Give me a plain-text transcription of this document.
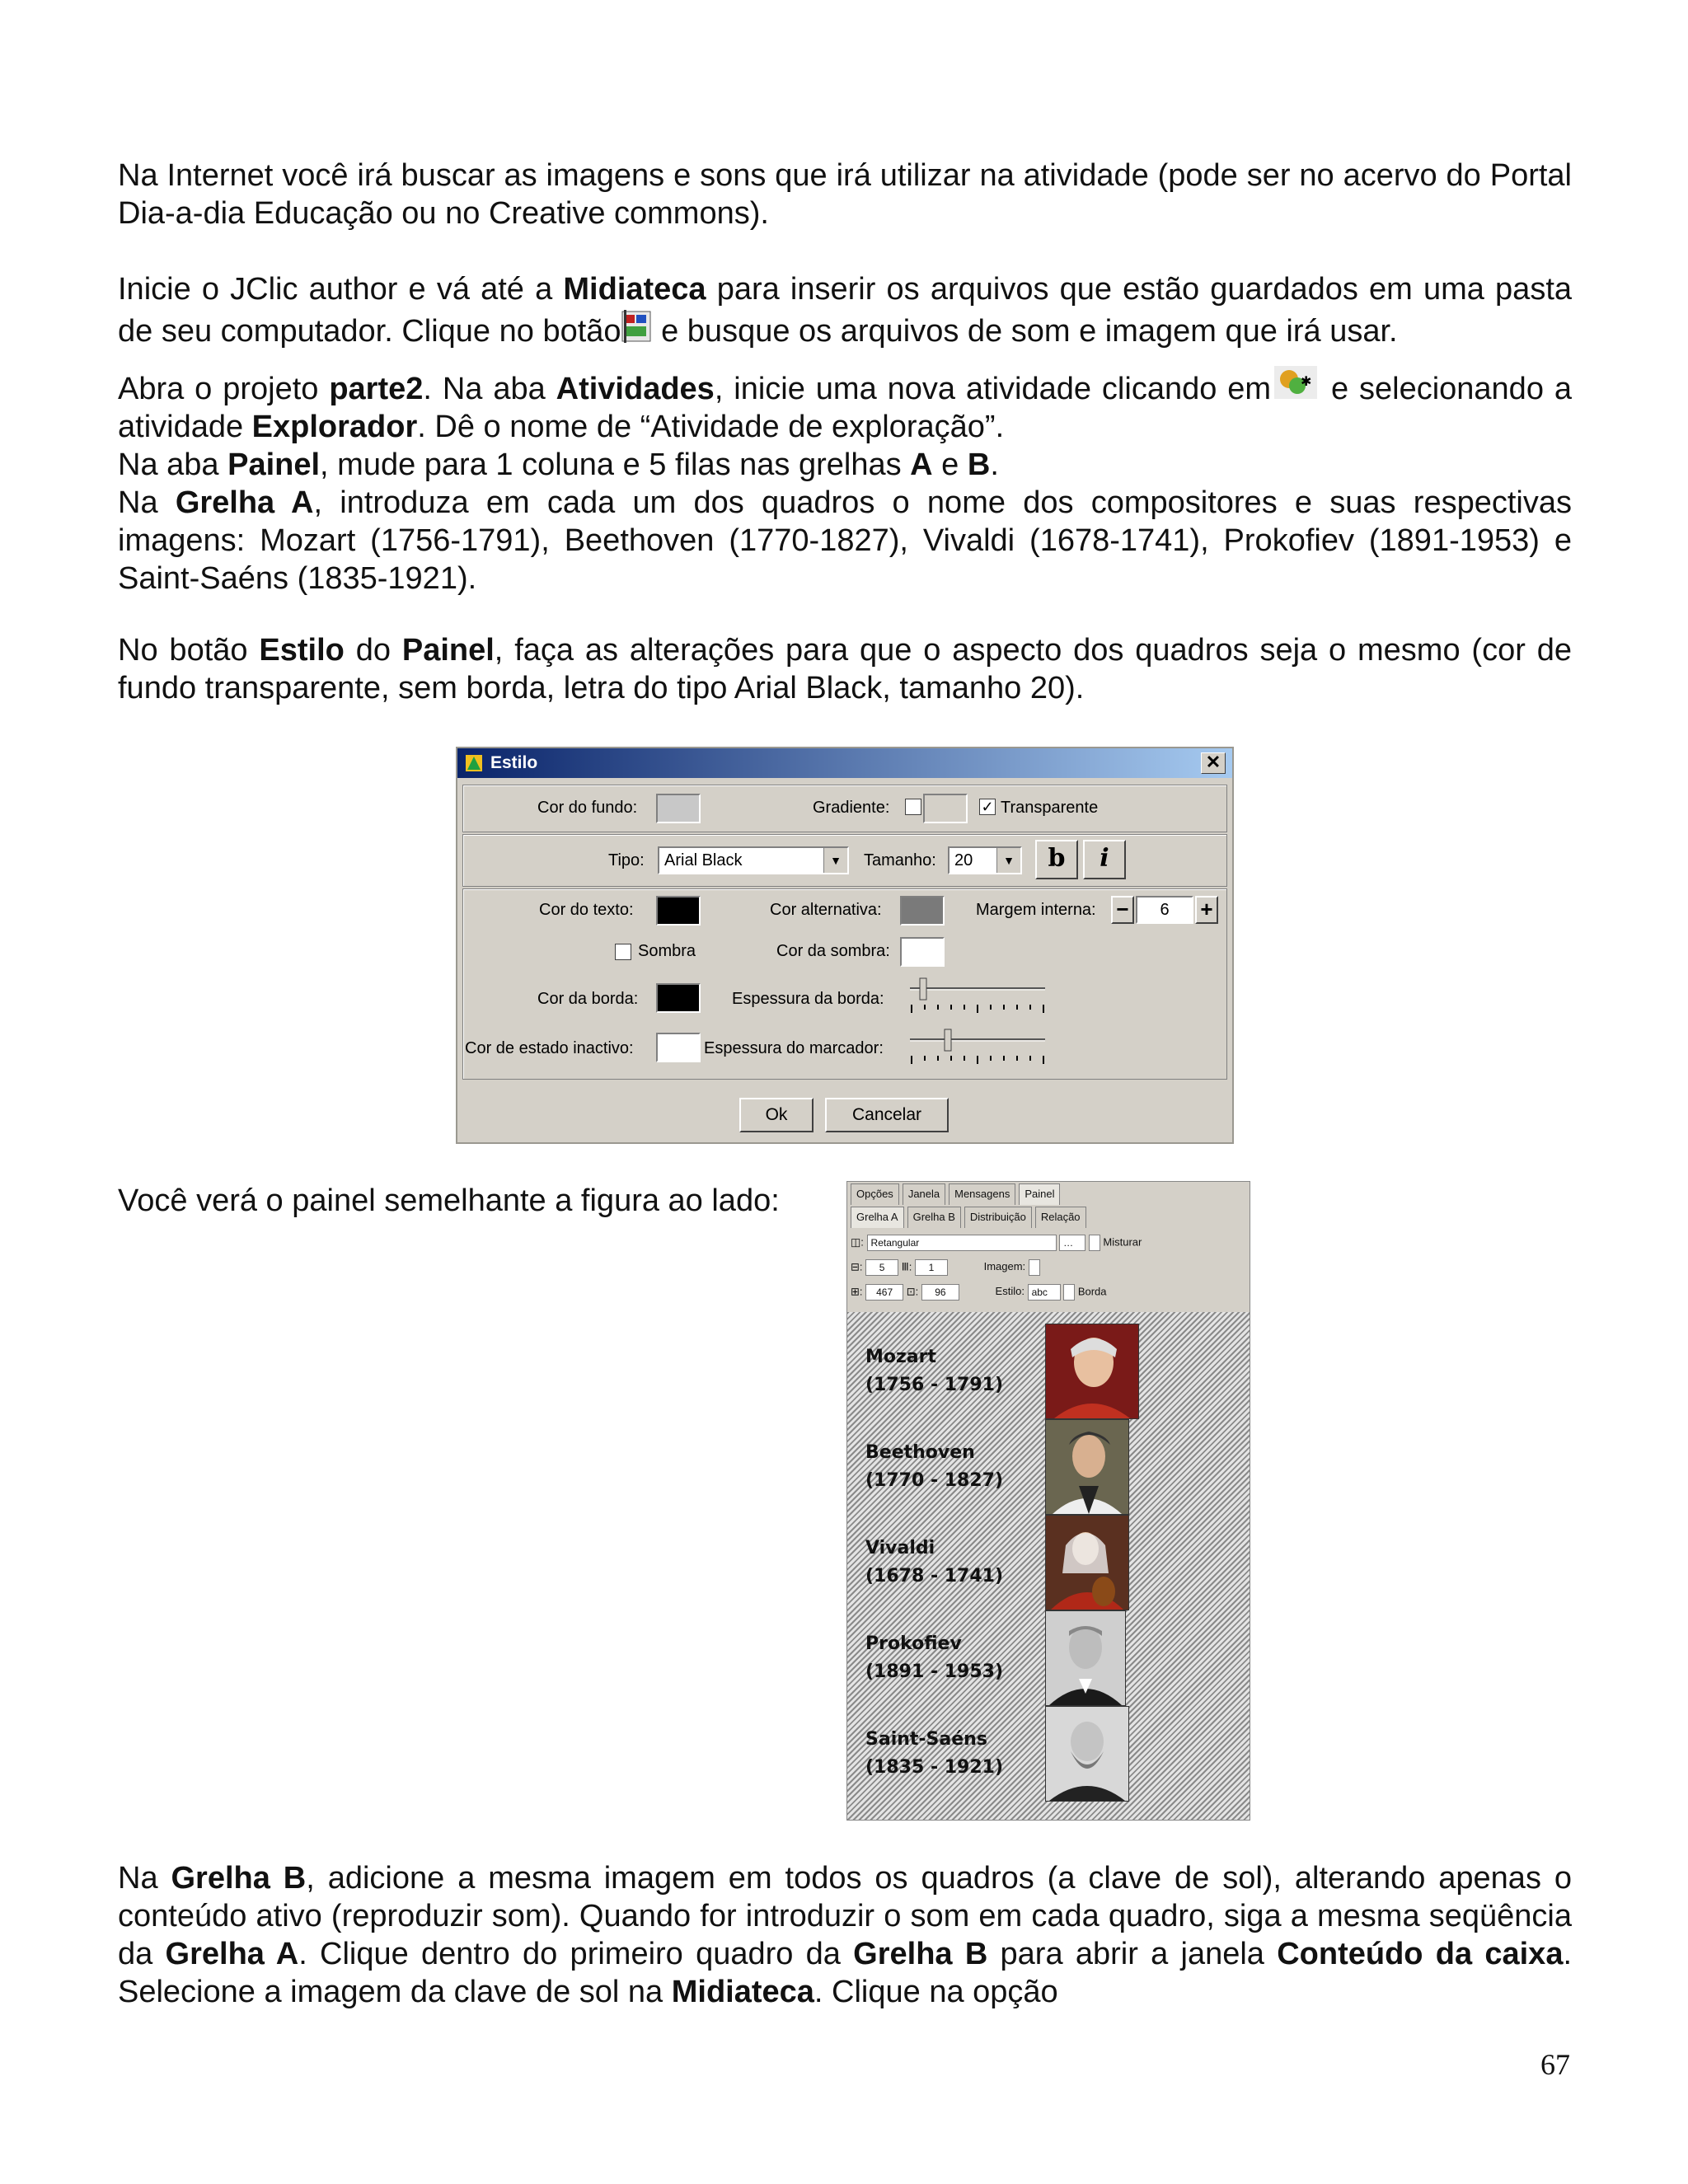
Na Internet você irá buscar as imagens e sons que irá utilizar na atividade (pode ser no acervo do Portal Dia-a-dia Educação ou no Creative commons).

Inicie o JClic author e vá até a Midiateca para inserir os arquivos que estão guardados em uma pasta de seu computador. Clique no botão e busque os arquivos de som e imagem que irá usar.

Abra o projeto parte2. Na aba Atividades, inicie uma nova atividade clicando em ✱ e selecionando a atividade Explorador. Dê o nome de “Atividade de exploração”.
Na aba Painel, mude para 1 coluna e 5 filas nas grelhas A e B.
Na Grelha A, introduza em cada um dos quadros o nome dos compositores e suas respectivas imagens: Mozart (1756-1791), Beethoven (1770-1827), Vivaldi (1678-1741), Prokofiev (1891-1953) e Saint-Saéns (1835-1921).

No botão Estilo do Painel, faça as alterações para que o aspecto dos quadros seja o mesmo (cor de fundo transparente, sem borda, letra do tipo Arial Black, tamanho 20).

Estilo	✕
Cor do fundo:	Gradiente:	✓ Transparente
Tipo:	Arial Black	▼	Tamanho:	20	▼	b	i
Cor do texto:	Cor alternativa:	Margem interna: −	6	+
Sombra	Cor da sombra:
Cor da borda:	Espessura da borda:
Cor de estado inactivo:	Espessura do marcador:
Ok	Cancelar

Você verá o painel semelhante a figura ao lado:	Opções	Janela	Mensagens	Painel
Grelha A	Grelha B	Distribuição	Relação
◫: Retangular	…	Misturar
⊟: 5 Ⅲ: 1	Imagem:
⊞: 467 ⊡: 96	Estilo: abc	Borda
Mozart
(1756 - 1791)
Beethoven
(1770 - 1827)
Vivaldi
(1678 - 1741)
Prokofiev
(1891 - 1953)
Saint-Saéns
(1835 - 1921)

Na Grelha B, adicione a mesma imagem em todos os quadros (a clave de sol), alterando apenas o conteúdo ativo (reproduzir som). Quando for introduzir o som em cada quadro, siga a mesma seqüência da Grelha A. Clique dentro do primeiro quadro da Grelha B para abrir a janela Conteúdo da caixa. Selecione a imagem da clave de sol na Midiateca. Clique na opção

67
